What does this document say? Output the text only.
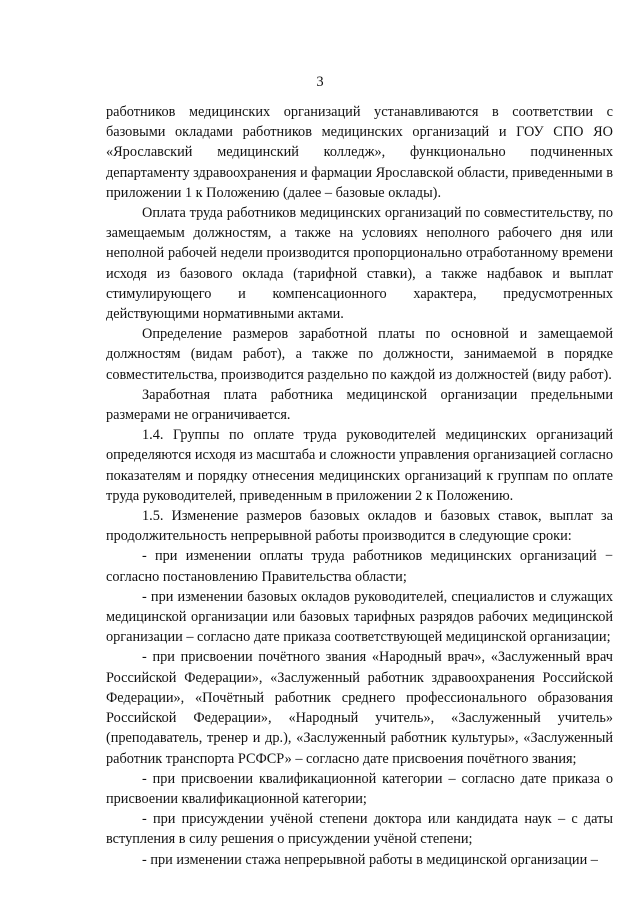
3

работников медицинских организаций устанавливаются в соответствии с базовыми окладами работников медицинских организаций и ГОУ СПО ЯО «Ярославский медицинский колледж», функционально подчиненных департаменту здравоохранения и фармации Ярославской области, приведенными в приложении 1 к Положению (далее – базовые оклады).

Оплата труда работников медицинских организаций по совместительству, по замещаемым должностям, а также на условиях неполного рабочего дня или неполной рабочей недели производится пропорционально отработанному времени исходя из базового оклада (тарифной ставки), а также надбавок и выплат стимулирующего и компенсационного характера, предусмотренных действующими нормативными актами.

Определение размеров заработной платы по основной и замещаемой должностям (видам работ), а также по должности, занимаемой в порядке совместительства, производится раздельно по каждой из должностей (виду работ).

Заработная плата работника медицинской организации предельными размерами не ограничивается.

1.4. Группы по оплате труда руководителей медицинских организаций определяются исходя из масштаба и сложности управления организацией согласно показателям и порядку отнесения медицинских организаций к группам по оплате труда руководителей, приведенным в приложении 2 к Положению.

1.5. Изменение размеров базовых окладов и базовых ставок, выплат за продолжительность непрерывной работы производится в следующие сроки:

- при изменении оплаты труда работников медицинских организаций − согласно постановлению Правительства области;

- при изменении базовых окладов руководителей, специалистов и служащих медицинской организации или базовых тарифных разрядов рабочих медицинской организации – согласно дате приказа соответствующей медицинской организации;

- при присвоении почётного звания «Народный врач», «Заслуженный врач Российской Федерации», «Заслуженный работник здравоохранения Российской Федерации», «Почётный работник среднего профессионального образования Российской Федерации», «Народный учитель», «Заслуженный учитель» (преподаватель, тренер и др.), «Заслуженный работник культуры», «Заслуженный работник транспорта РСФСР» – согласно дате присвоения почётного звания;

- при присвоении квалификационной категории – согласно дате приказа о присвоении квалификационной категории;

- при присуждении учёной степени доктора или кандидата наук – с даты вступления в силу решения о присуждении учёной степени;

- при изменении стажа непрерывной работы в медицинской организации –
